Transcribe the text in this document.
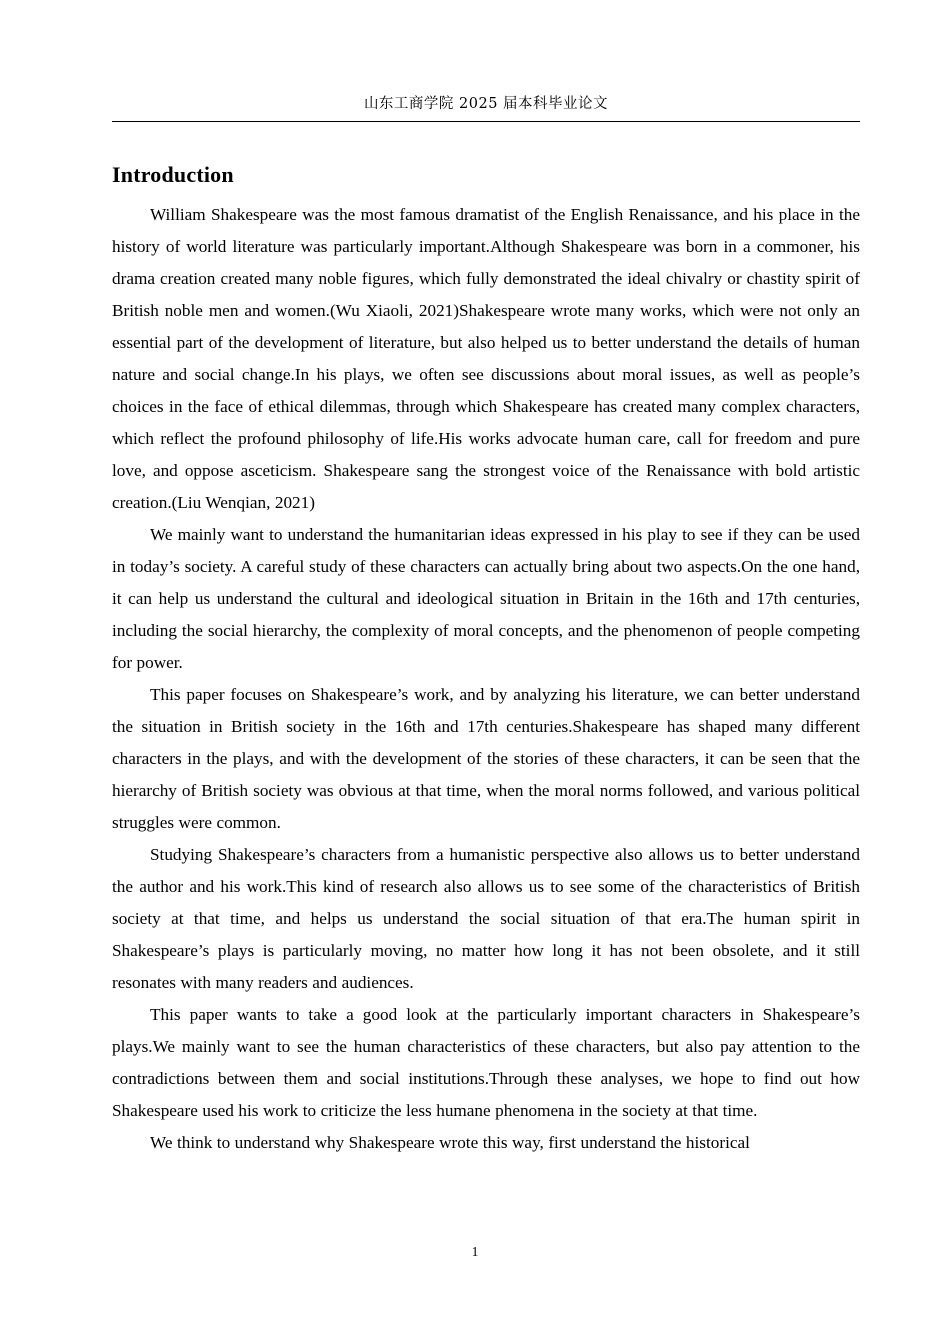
山东工商学院 2025 届本科毕业论文
Introduction

William Shakespeare was the most famous dramatist of the English Renaissance, and his place in the history of world literature was particularly important.Although Shakespeare was born in a commoner, his drama creation created many noble figures, which fully demonstrated the ideal chivalry or chastity spirit of British noble men and women.(Wu Xiaoli, 2021)Shakespeare wrote many works, which were not only an essential part of the development of literature, but also helped us to better understand the details of human nature and social change.In his plays, we often see discussions about moral issues, as well as people’s choices in the face of ethical dilemmas, through which Shakespeare has created many complex characters, which reflect the profound philosophy of life.His works advocate human care, call for freedom and pure love, and oppose asceticism. Shakespeare sang the strongest voice of the Renaissance with bold artistic creation.(Liu Wenqian, 2021)

We mainly want to understand the humanitarian ideas expressed in his play to see if they can be used in today’s society. A careful study of these characters can actually bring about two aspects.On the one hand, it can help us understand the cultural and ideological situation in Britain in the 16th and 17th centuries, including the social hierarchy, the complexity of moral concepts, and the phenomenon of people competing for power.

This paper focuses on Shakespeare’s work, and by analyzing his literature, we can better understand the situation in British society in the 16th and 17th centuries.Shakespeare has shaped many different characters in the plays, and with the development of the stories of these characters, it can be seen that the hierarchy of British society was obvious at that time, when the moral norms followed, and various political struggles were common.

Studying Shakespeare’s characters from a humanistic perspective also allows us to better understand the author and his work.This kind of research also allows us to see some of the characteristics of British society at that time, and helps us understand the social situation of that era.The human spirit in Shakespeare’s plays is particularly moving, no matter how long it has not been obsolete, and it still resonates with many readers and audiences.

This paper wants to take a good look at the particularly important characters in Shakespeare’s plays.We mainly want to see the human characteristics of these characters, but also pay attention to the contradictions between them and social institutions.Through these analyses, we hope to find out how Shakespeare used his work to criticize the less humane phenomena in the society at that time.

We think to understand why Shakespeare wrote this way, first understand the historical

1
